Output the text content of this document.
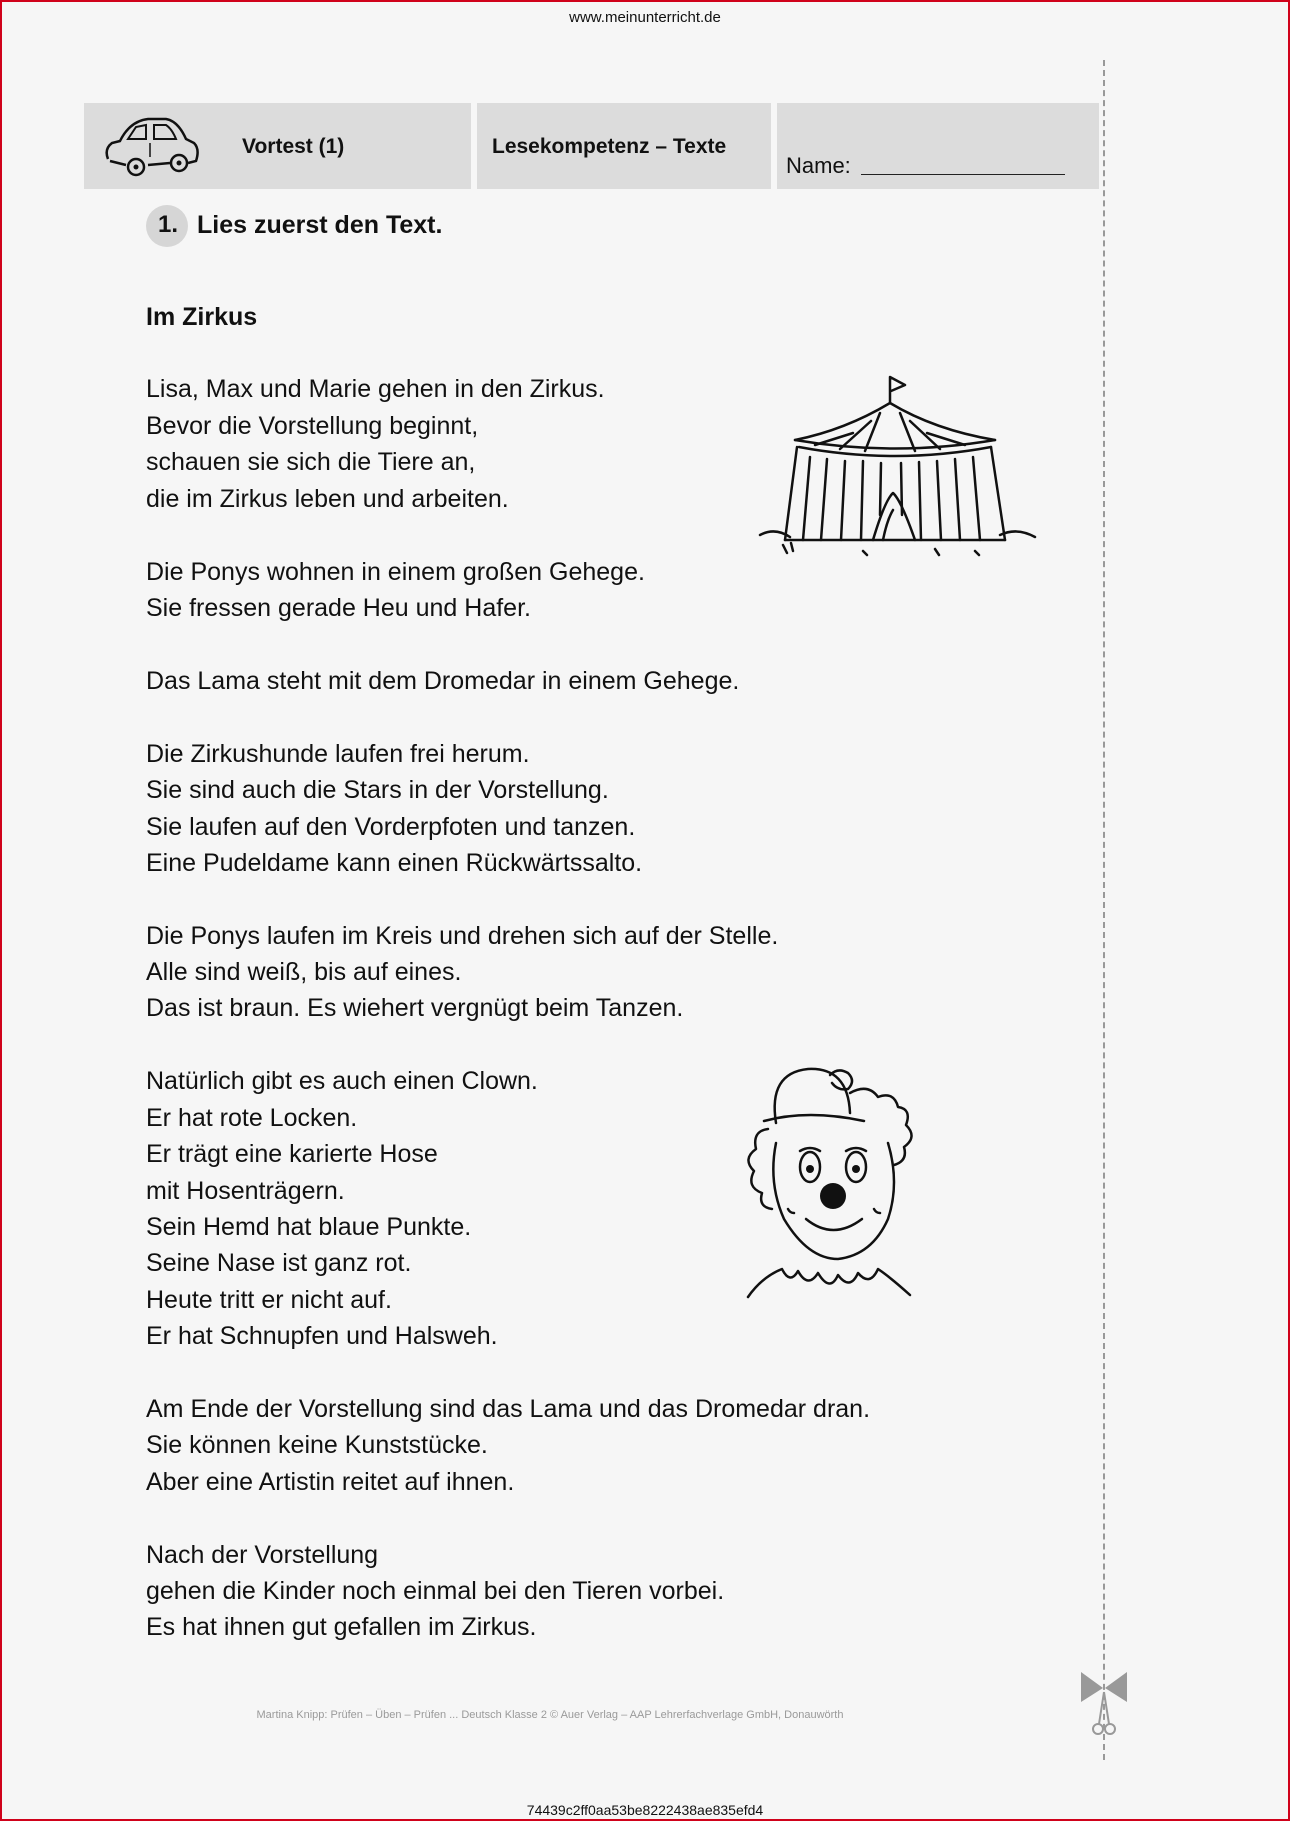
www.meinunterricht.de
Vortest (1)	Lesekompetenz – Texte
Name:
1. Lies zuerst den Text.
Im Zirkus
Lisa, Max und Marie gehen in den Zirkus.
Bevor die Vorstellung beginnt,
schauen sie sich die Tiere an,
die im Zirkus leben und arbeiten.
Die Ponys wohnen in einem großen Gehege.
Sie fressen gerade Heu und Hafer.
Das Lama steht mit dem Dromedar in einem Gehege.
Die Zirkushunde laufen frei herum.
Sie sind auch die Stars in der Vorstellung.
Sie laufen auf den Vorderpfoten und tanzen.
Eine Pudeldame kann einen Rückwärtssalto.
Die Ponys laufen im Kreis und drehen sich auf der Stelle.
Alle sind weiß, bis auf eines.
Das ist braun. Es wiehert vergnügt beim Tanzen.
Natürlich gibt es auch einen Clown.
Er hat rote Locken.
Er trägt eine karierte Hose
mit Hosenträgern.
Sein Hemd hat blaue Punkte.
Seine Nase ist ganz rot.
Heute tritt er nicht auf.
Er hat Schnupfen und Halsweh.
Am Ende der Vorstellung sind das Lama und das Dromedar dran.
Sie können keine Kunststücke.
Aber eine Artistin reitet auf ihnen.
Nach der Vorstellung
gehen die Kinder noch einmal bei den Tieren vorbei.
Es hat ihnen gut gefallen im Zirkus.
Martina Knipp: Prüfen – Üben – Prüfen ... Deutsch Klasse 2 © Auer Verlag – AAP Lehrerfachverlage GmbH, Donauwörth
74439c2ff0aa53be8222438ae835efd4
